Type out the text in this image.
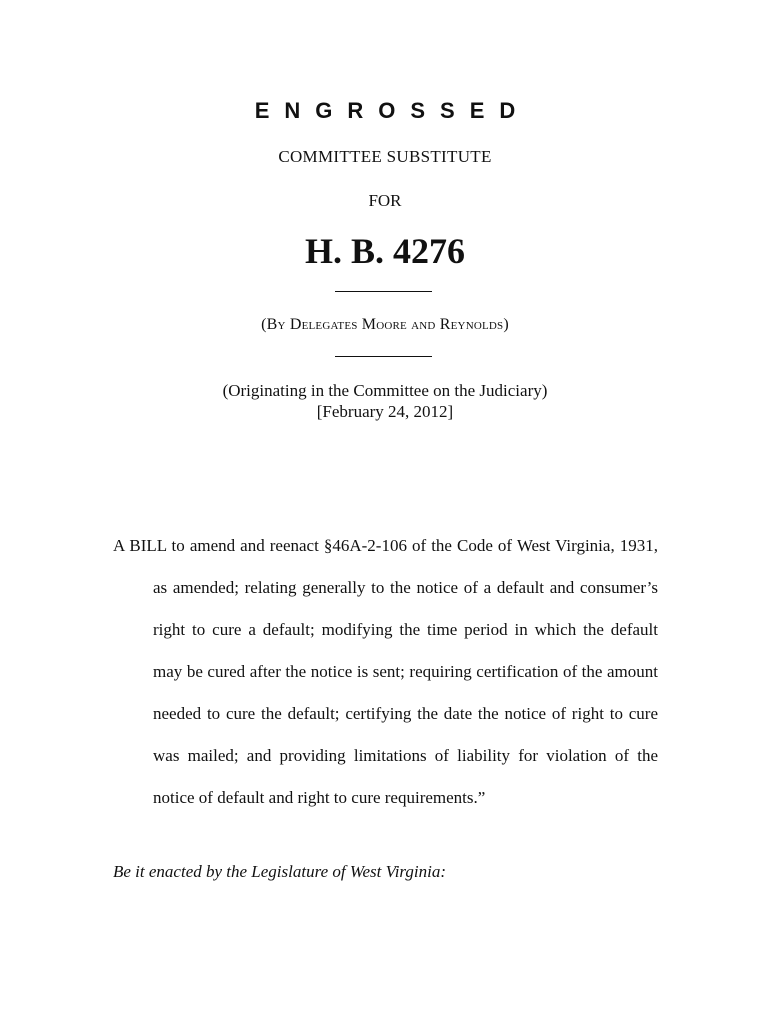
ENGROSSED
COMMITTEE SUBSTITUTE
FOR
H. B. 4276
(By Delegates Moore and Reynolds)
(Originating in the Committee on the Judiciary)
[February 24, 2012]
A BILL to amend and reenact §46A-2-106 of the Code of West Virginia, 1931, as amended; relating generally to the notice of a default and consumer’s right to cure a default; modifying the time period in which the default may be cured after the notice is sent; requiring certification of the amount needed to cure the default; certifying the date the notice of right to cure was mailed; and providing limitations of liability for violation of the notice of default and right to cure requirements.”
Be it enacted by the Legislature of West Virginia:
